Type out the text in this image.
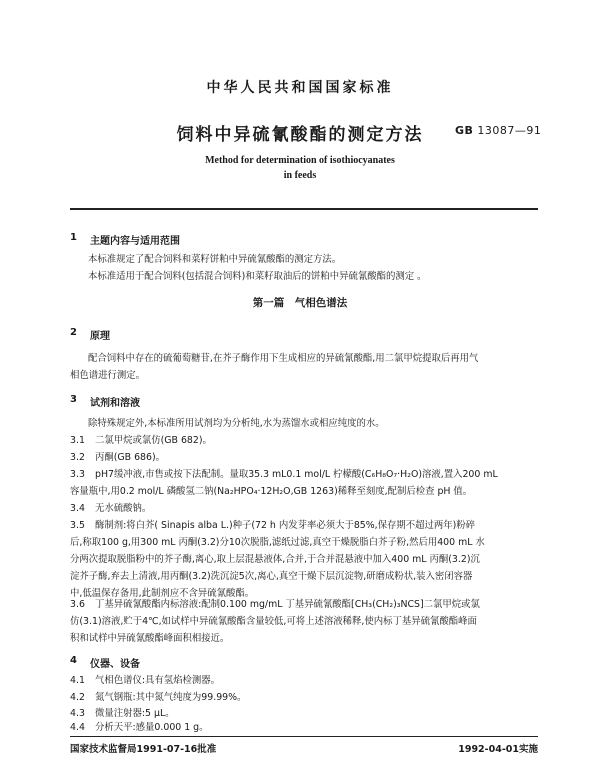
中华人民共和国国家标准
饲料中异硫氰酸酯的测定方法	GB 13087—91
Method for determination of isothiocyanates
in feeds
1 主题内容与适用范围
本标准规定了配合饲料和菜籽饼粕中异硫氰酸酯的测定方法。
本标准适用于配合饲料(包括混合饲料)和菜籽取油后的饼粕中异硫氰酸酯的测定 。
第一篇　气相色谱法
2 原理
配合饲料中存在的硫葡萄糖苷,在芥子酶作用下生成相应的异硫氰酸酯,用二氯甲烷提取后再用气
相色谱进行测定。
3 试剂和溶液
除特殊规定外,本标准所用试剂均为分析纯,水为蒸馏水或相应纯度的水。
3.1 二氯甲烷或氯仿(GB 682)。
3.2 丙酮(GB 686)。
3.3 pH7缓冲液,市售或按下法配制。量取35.3 mL0.1 mol/L 柠檬酸(C₆H₈O₇·H₂O)溶液,置入200 mL
容量瓶中,用0.2 mol/L 磷酸氢二钠(Na₂HPO₄·12H₂O,GB 1263)稀释至刻度,配制后检查 pH 值。
3.4 无水硫酸钠。
3.5 酶制剂:将白芥( Sinapis alba L.)种子(72 h 内发芽率必须大于85%,保存期不超过两年)粉碎
后,称取100 g,用300 mL 丙酮(3.2)分10次脱脂,滤纸过滤,真空干燥脱脂白芥子粉,然后用400 mL 水
分两次提取脱脂粉中的芥子酶,离心,取上层混悬液体,合并,于合并混悬液中加入400 mL 丙酮(3.2)沉
淀芥子酶,弃去上清液,用丙酮(3.2)洗沉淀5次,离心,真空干燥下层沉淀物,研磨成粉状,装入密闭容器
中,低温保存备用,此制剂应不含异硫氰酸酯。
3.6 丁基异硫氰酸酯内标溶液:配制0.100 mg/mL 丁基异硫氰酸酯[CH₃(CH₂)₃NCS]二氯甲烷或氯
仿(3.1)溶液,贮于4℃,如试样中异硫氰酸酯含量较低,可将上述溶液稀释,使内标丁基异硫氰酸酯峰面
积和试样中异硫氰酸酯峰面积相接近。
4 仪器、设备
4.1 气相色谱仪:具有氢焰检测器。
4.2 氮气钢瓶:其中氮气纯度为99.99%。
4.3 微量注射器:5 μL。
4.4 分析天平:感量0.000 1 g。
国家技术监督局1991-07-16批准	1992-04-01实施
